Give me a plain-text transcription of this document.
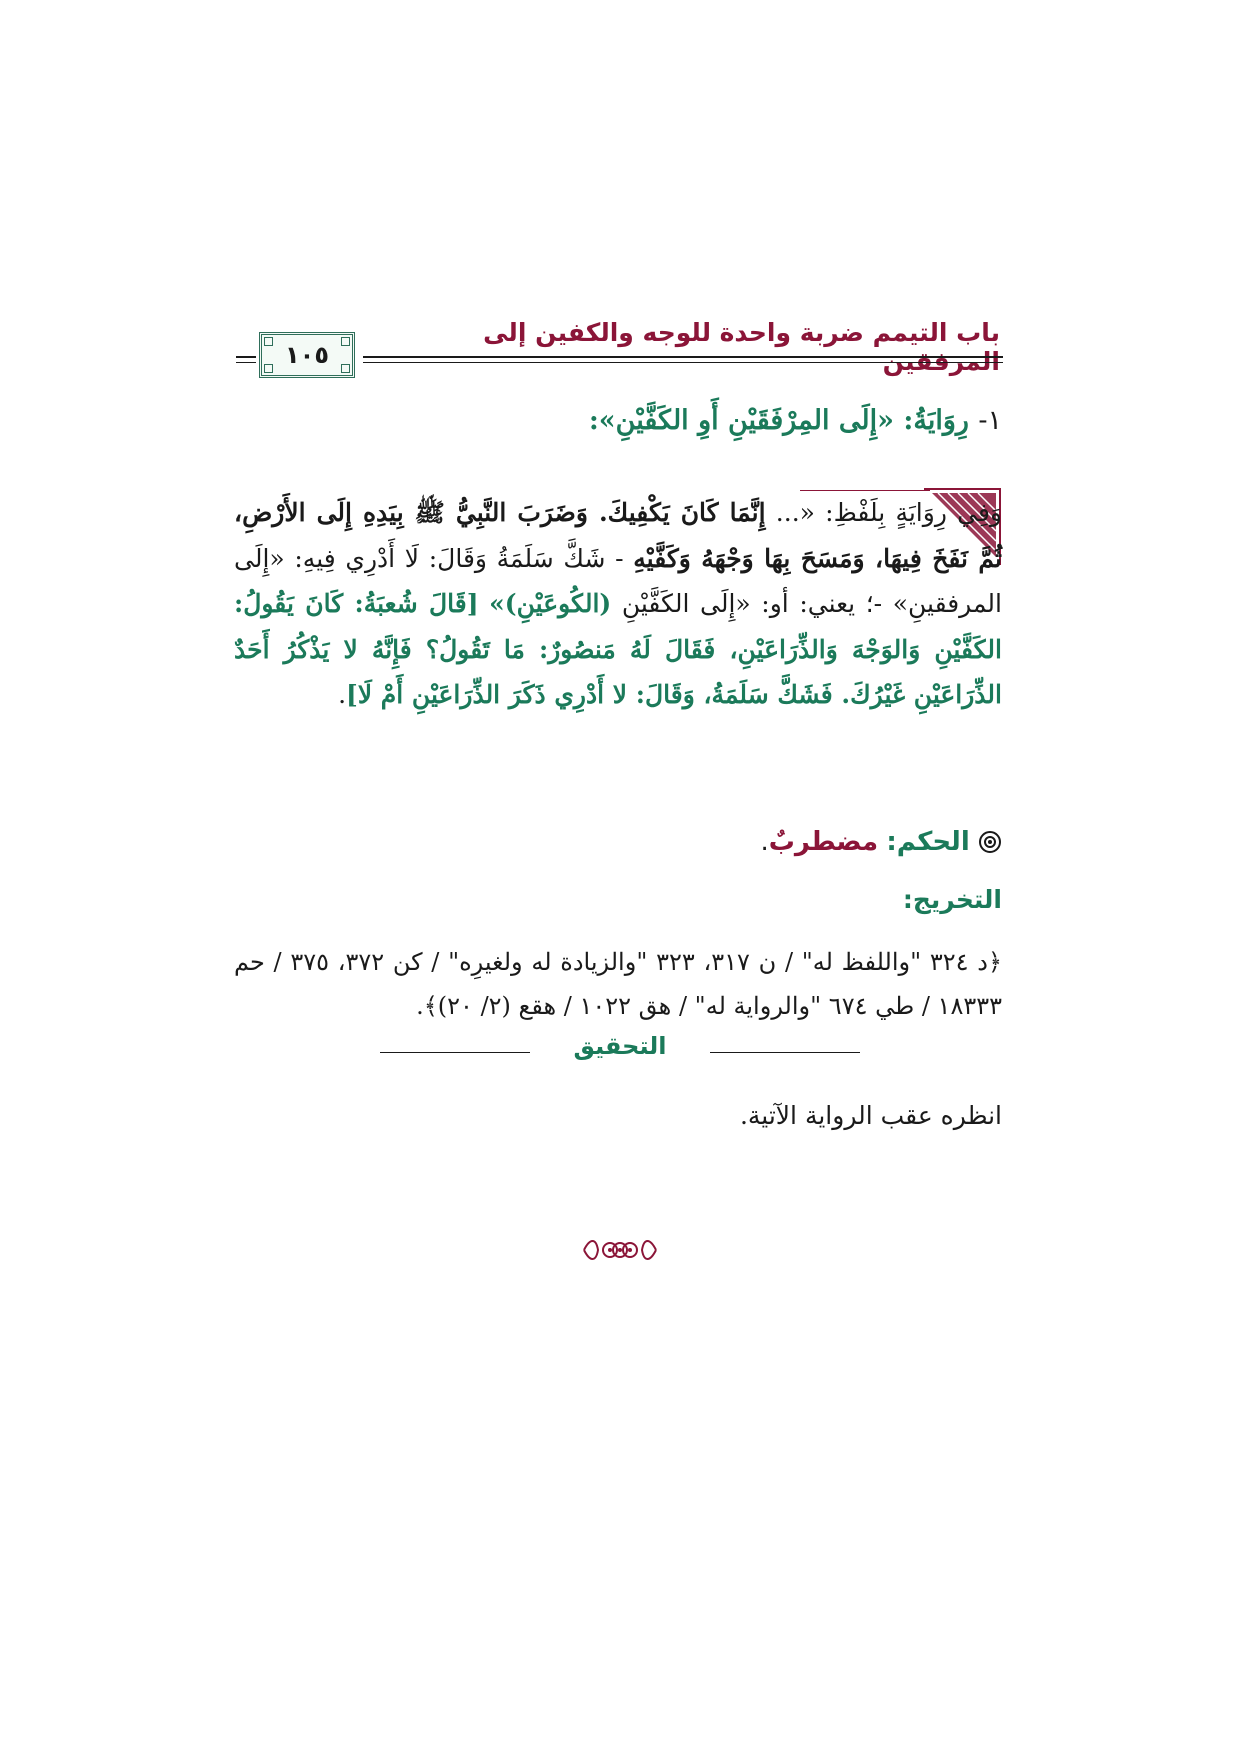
باب التيمم ضربة واحدة للوجه والكفين إلى
١٠٥
١- رِوَايَةُ: «إِلَى المِرْفَقَيْنِ أَوِ الكَفَّيْنِ»:
وَفِي رِوَايَةٍ بِلَفْظِ: «... إِنَّمَا كَانَ يَكْفِيكَ. وَضَرَبَ النَّبِيُّ ﷺ بِيَدِهِ إِلَى الأَرْضِ، ثُمَّ نَفَخَ فِيهَا، وَمَسَحَ بِهَا وَجْهَهُ وَكَفَّيْهِ - شَكَّ سَلَمَةُ وَقَالَ: لَا أَدْرِي فِيهِ: «إِلَى المرفقينِ» -؛ يعني: أو: «إِلَى الكَفَّيْنِ (الكُوعَيْنِ)» [قَالَ شُعبَةُ: كَانَ يَقُولُ: الكَفَّيْنِ وَالوَجْهَ وَالذِّرَاعَيْنِ، فَقَالَ لَهُ مَنصُورٌ: مَا تَقُولُ؟ فَإِنَّهُ لا يَذْكُرُ أَحَدٌ الذِّرَاعَيْنِ غَيْرُكَ. فَشَكَّ سَلَمَةُ، وَقَالَ: لا أَدْرِي ذَكَرَ الذِّرَاعَيْنِ أَمْ لَا].
الحكم: مضطربٌ.
التخريج:
﴿د ٣٢٤ "واللفظ له" / ن ٣١٧، ٣٢٣ "والزيادة له ولغيرِه" / كن ٣٧٢، ٣٧٥ / حم ١٨٣٣٣ / طي ٦٧٤ "والرواية له" / هق ١٠٢٢ / هقع (٢/ ٢٠)﴾.
التحقيق
انظره عقب الرواية الآتية.
